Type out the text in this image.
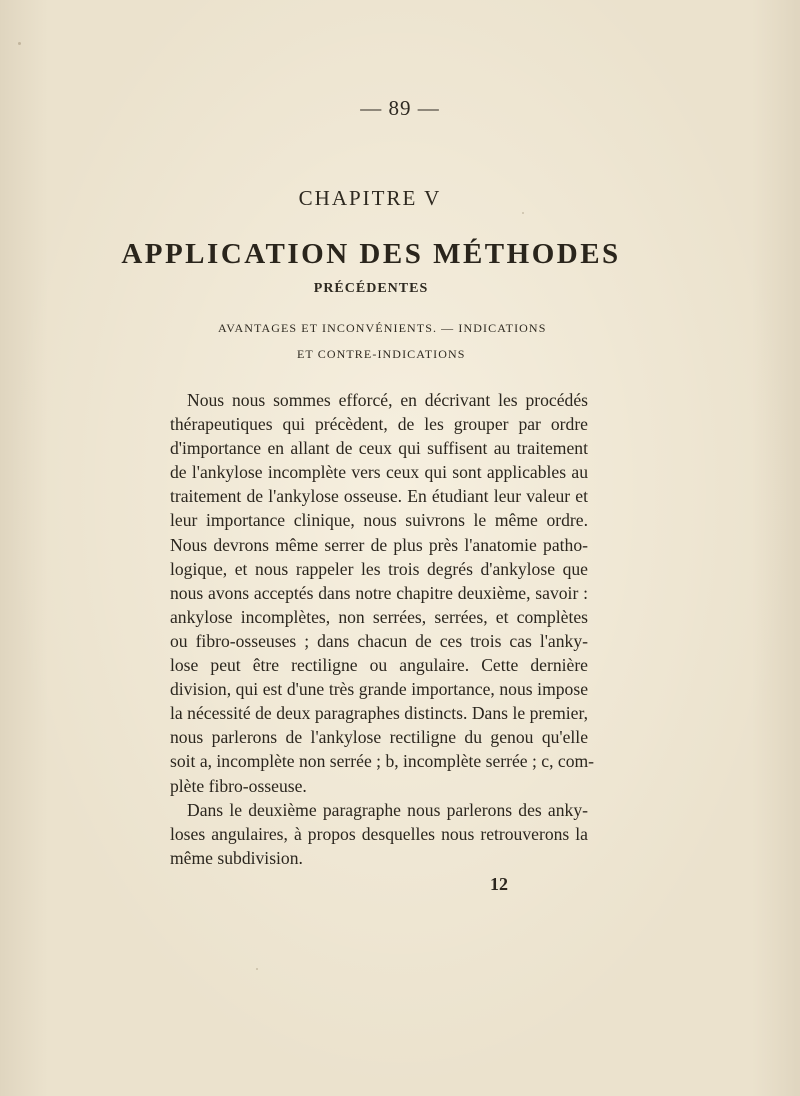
— 89 —
CHAPITRE V
APPLICATION DES MÉTHODES
PRÉCÉDENTES
AVANTAGES ET INCONVÉNIENTS. — INDICATIONS
ET CONTRE-INDICATIONS
Nous nous sommes efforcé, en décrivant les procédés
thérapeutiques qui précèdent, de les grouper par ordre
d'importance en allant de ceux qui suffisent au traitement
de l'ankylose incomplète vers ceux qui sont applicables au
traitement de l'ankylose osseuse. En étudiant leur valeur et
leur importance clinique, nous suivrons le même ordre.
Nous devrons même serrer de plus près l'anatomie patho-
logique, et nous rappeler les trois degrés d'ankylose que
nous avons acceptés dans notre chapitre deuxième, savoir :
ankylose incomplètes, non serrées, serrées, et complètes
ou fibro-osseuses ; dans chacun de ces trois cas l'anky-
lose peut être rectiligne ou angulaire. Cette dernière
division, qui est d'une très grande importance, nous impose
la nécessité de deux paragraphes distincts. Dans le premier,
nous parlerons de l'ankylose rectiligne du genou qu'elle
soit a, incomplète non serrée ; b, incomplète serrée ; c, com-
plète fibro-osseuse.
Dans le deuxième paragraphe nous parlerons des anky-
loses angulaires, à propos desquelles nous retrouverons la
même subdivision.
12
